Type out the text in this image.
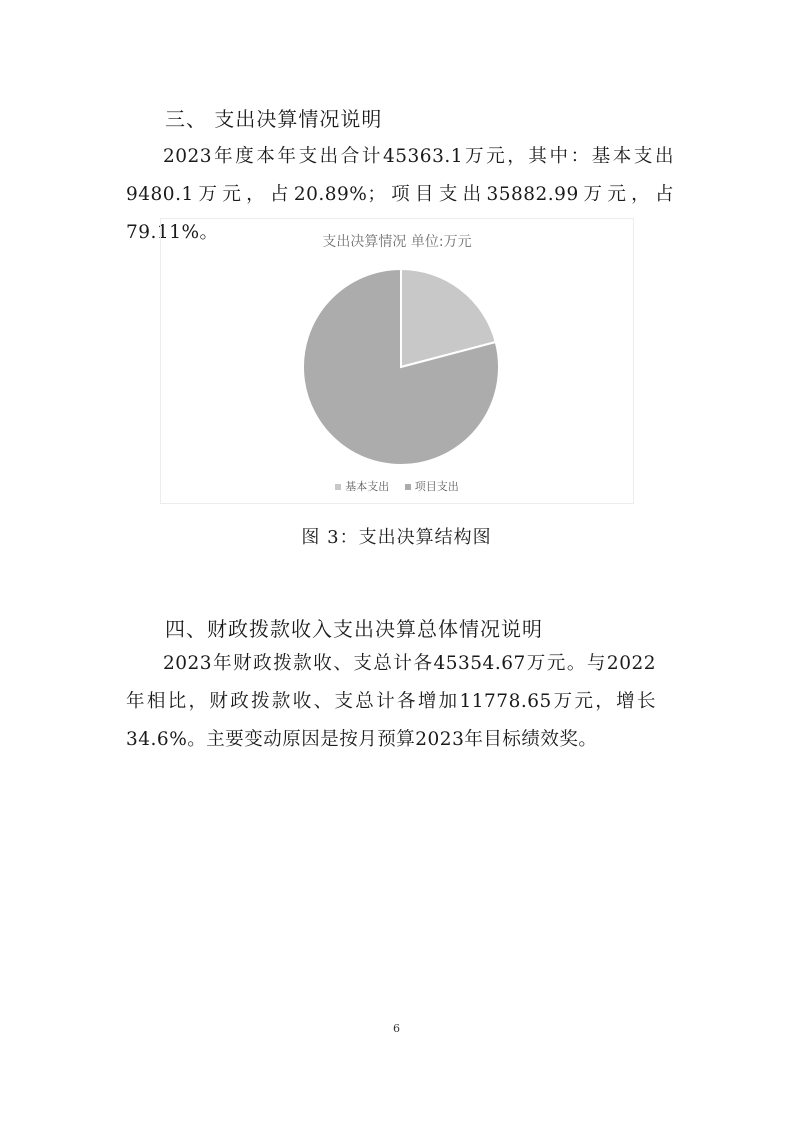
三、 支出决算情况说明
2023年度本年支出合计45363.1万元，其中：基本支出9480.1万元，占20.89%；项目支出35882.99万元，占79.11%。	支出决算情况 单位:万元
基本支出 项目支出
图 3：支出决算结构图
四、财政拨款收入支出决算总体情况说明
2023年财政拨款收、支总计各45354.67万元。与2022年相比，财政拨款收、支总计各增加11778.65万元，增长34.6%。主要变动原因是按月预算2023年目标绩效奖。
6
